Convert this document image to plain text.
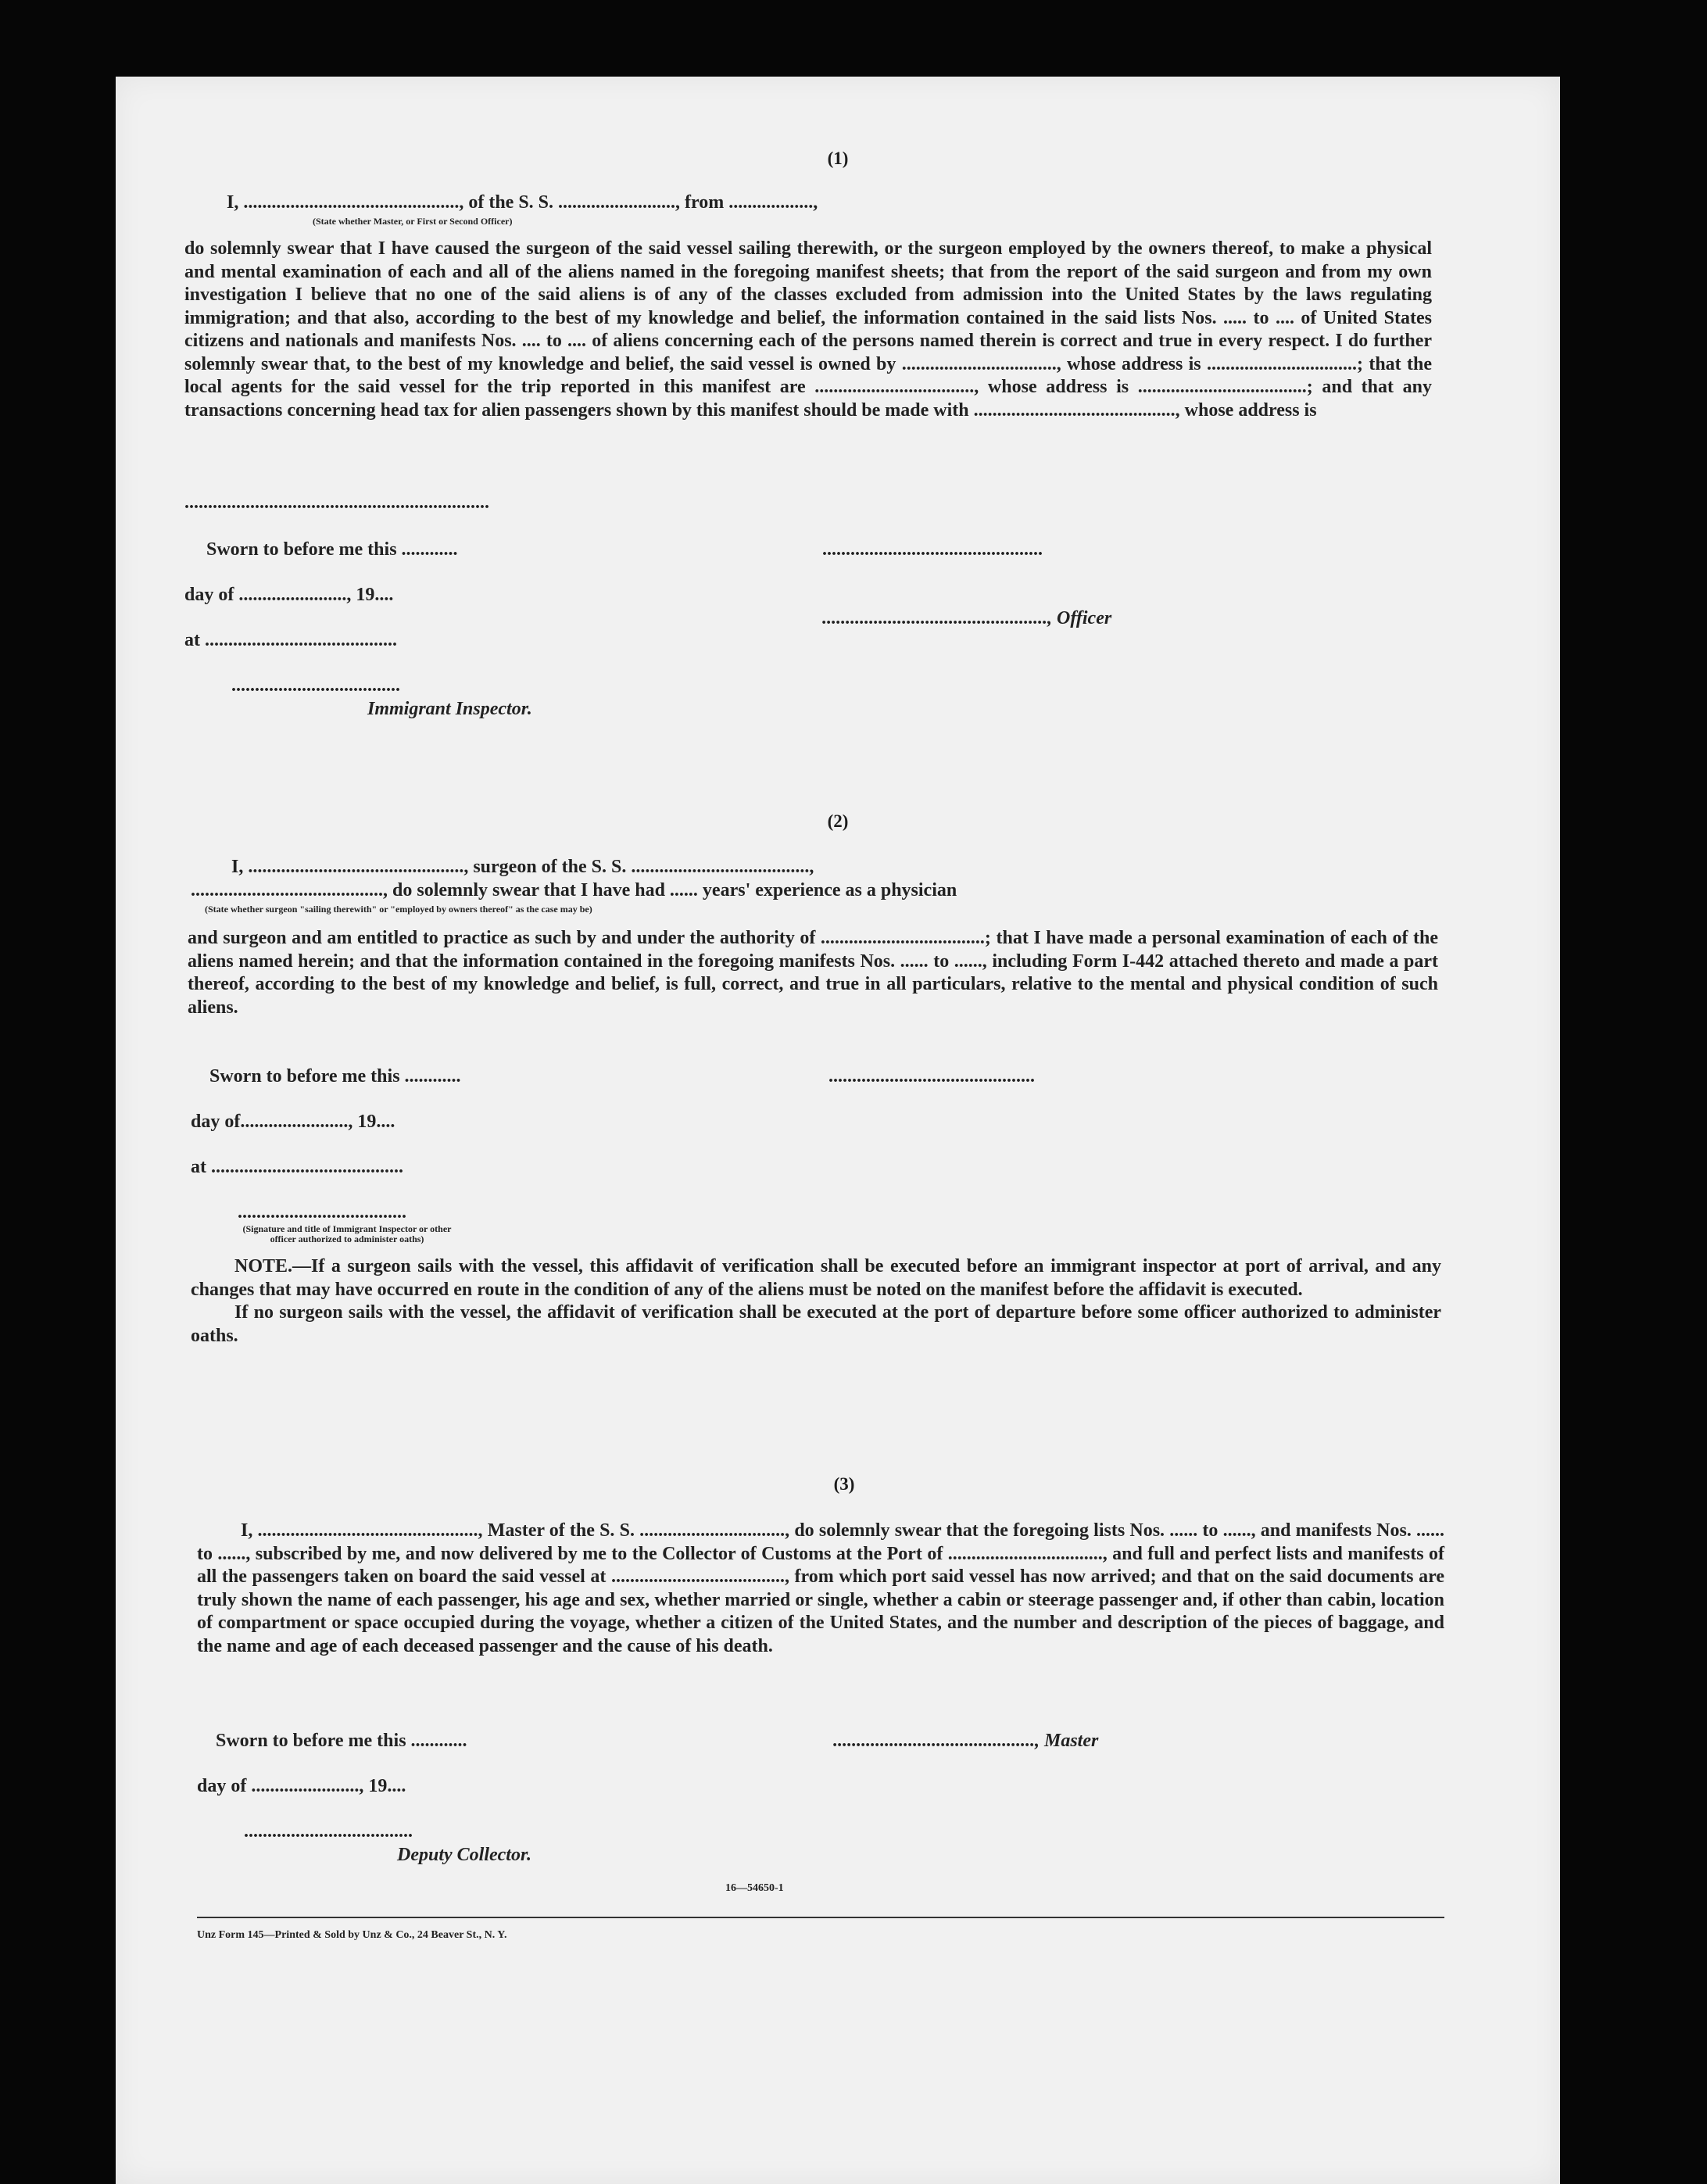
(1)
I, .............................................., of the S. S. ........................., from ..................,
(State whether Master, or First or Second Officer)

do solemnly swear that I have caused the surgeon of the said vessel sailing therewith, or the surgeon employed by the owners thereof, to make a physical and mental examination of each and all of the aliens named in the foregoing manifest sheets; that from the report of the said surgeon and from my own investigation I believe that no one of the said aliens is of any of the classes excluded from admission into the United States by the laws regulating immigration; and that also, according to the best of my knowledge and belief, the information contained in the said lists Nos. ..... to .... of United States citizens and nationals and manifests Nos. .... to .... of aliens concerning each of the persons named therein is correct and true in every respect. I do further solemnly swear that, to the best of my knowledge and belief, the said vessel is owned by ................................., whose address is ................................; that the local agents for the said vessel for the trip reported in this manifest are .................................., whose address is ....................................; and that any transactions concerning head tax for alien passengers shown by this manifest should be made with ..........................................., whose address is

.................................................................
Sworn to before me this ............	...............................................
day of ......................., 19....
................................................, Officer
at .........................................
....................................
Immigrant Inspector.
(2)
I, .............................................., surgeon of the S. S. ......................................,
........................................., do solemnly swear that I have had ...... years' experience as a physician
(State whether surgeon "sailing therewith" or "employed by owners thereof" as the case may be)

and surgeon and am entitled to practice as such by and under the authority of ...................................; that I have made a personal examination of each of the aliens named herein; and that the information contained in the foregoing manifests Nos. ...... to ......, including Form I-442 attached thereto and made a part thereof, according to the best of my knowledge and belief, is full, correct, and true in all particulars, relative to the mental and physical condition of such aliens.

Sworn to before me this ............	............................................
day of......................., 19....
at .........................................
....................................
(Signature and title of Immigrant Inspector or other officer authorized to administer oaths)

NOTE.—If a surgeon sails with the vessel, this affidavit of verification shall be executed before an immigrant inspector at port of arrival, and any changes that may have occurred en route in the condition of any of the aliens must be noted on the manifest before the affidavit is executed.

If no surgeon sails with the vessel, the affidavit of verification shall be executed at the port of departure before some officer authorized to administer oaths.

(3)

I, ..............................................., Master of the S. S. ..............................., do solemnly swear that the foregoing lists Nos. ...... to ......, and manifests Nos. ...... to ......, subscribed by me, and now delivered by me to the Collector of Customs at the Port of ................................., and full and perfect lists and manifests of all the passengers taken on board the said vessel at ....................................., from which port said vessel has now arrived; and that on the said documents are truly shown the name of each passenger, his age and sex, whether married or single, whether a cabin or steerage passenger and, if other than cabin, location of compartment or space occupied during the voyage, whether a citizen of the United States, and the number and description of the pieces of baggage, and the name and age of each deceased passenger and the cause of his death.

Sworn to before me this ............	..........................................., Master
day of ......................., 19....
....................................
Deputy Collector.
16—54650-1
Unz Form 145—Printed & Sold by Unz & Co., 24 Beaver St., N. Y.
